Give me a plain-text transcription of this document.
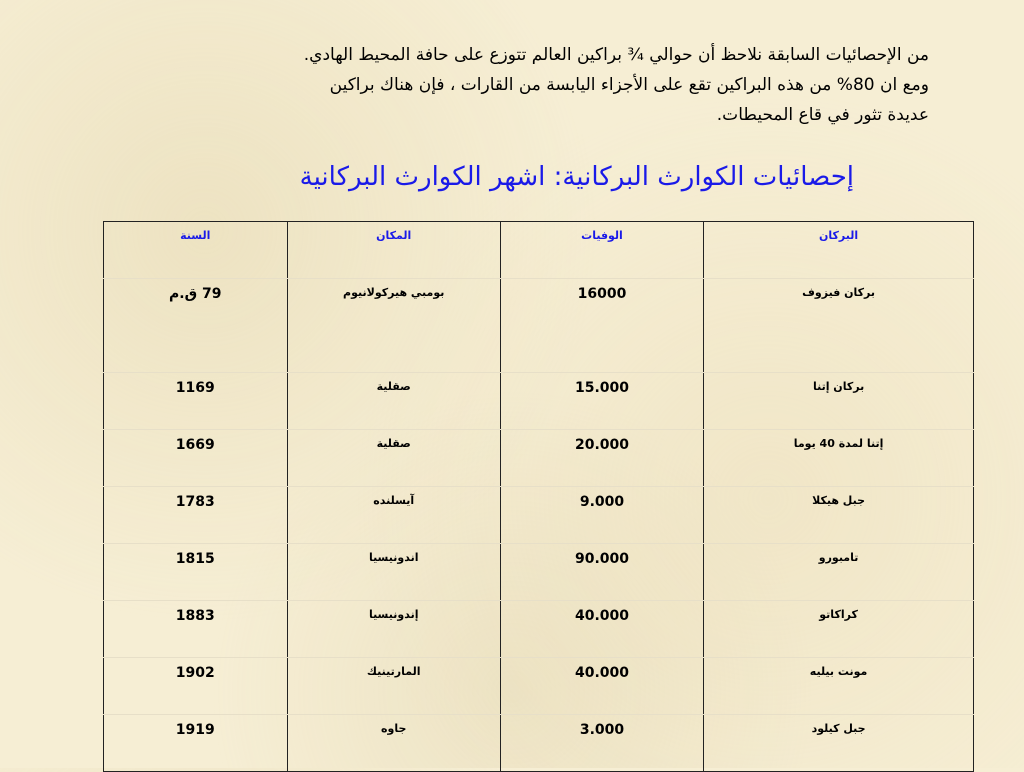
من الإحصائيات السابقة نلاحظ أن حوالي ¾ براكين العالم تتوزع على حافة المحيط الهادي.

ومع ان 80% من هذه البراكين تقع على الأجزاء اليابسة من القارات ، فإن هناك براكين

عديدة تثور في قاع المحيطات.

إحصائيات الكوارث البركانية: اشهر الكوارث البركانية
البركان	الوفيات	المكان	السنة
بركان فيزوف	16000	بومبي هيركولانيوم	79 ق.م
بركان إتنا	15.000	صقلية	1169
إتنا لمدة 40 يوما	20.000	صقلية	1669
جبل هيكلا	9.000	آيسلنده	1783
تامبورو	90.000	اندونيسيا	1815
كراكاتو	40.000	إندونيسيا	1883
مونت بيليه	40.000	المارتينيك	1902
جبل كيلود	3.000	جاوه	1919
